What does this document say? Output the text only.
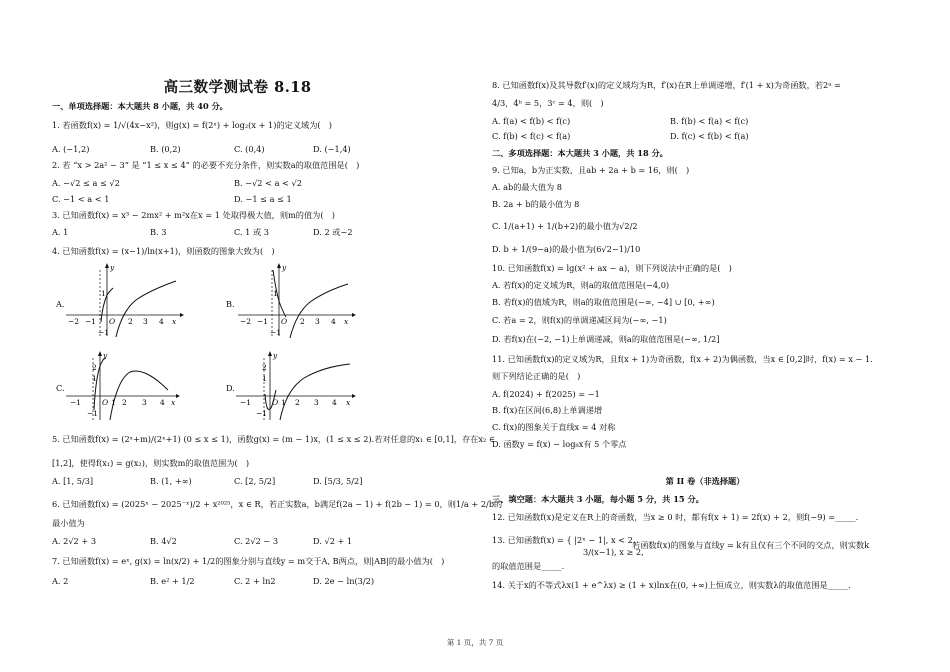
高三数学测试卷 8.18
一、单项选择题：本大题共 8 小题，共 40 分。
1. 若函数f(x) = 1/√(4x−x²)，则g(x) = f(2ˣ) + log₂(x + 1)的定义域为(　)
A. (−1,2)	B. (0,2)	C. (0,4)	D. (−1,4)
2. 若 “x > 2a² − 3” 是 “1 ≤ x ≤ 4” 的必要不充分条件，则实数a的取值范围是(　)
A. −√2 ≤ a ≤ √2	B. −√2 < a < √2
C. −1 < a < 1	D. −1 ≤ a ≤ 1
3. 已知函数f(x) = x³ − 2mx² + m²x在x = 1 处取得极大值，则m的值为(　)
A. 1	B. 3	C. 1 或 3	D. 2 或−2
4. 已知函数f(x) = (x−1)/ln(x+1)，则函数的图象大致为(　)
A.
−2 −1 O 2 3 4 x
1
y
−1
B.
−2 −1 O 2 3 4 x
1
y
−1
C.
−1	O 1 2 3 4 x
2
1
y
−1
D.
−1	O 1 2 3 4 x
2
1
y
−1
5. 已知函数f(x) = (2ˣ+m)/(2ˣ+1) (0 ≤ x ≤ 1)，函数g(x) = (m − 1)x，(1 ≤ x ≤ 2).若对任意的x₁ ∈ [0,1]，存在x₂ ∈
[1,2]，使得f(x₁) = g(x₂)，则实数m的取值范围为(　)
A. [1, 5/3]	B. (1, +∞)	C. [2, 5/2]	D. [5/3, 5/2]
6. 已知函数f(x) = (2025ˣ − 2025⁻ˣ)/2 + x²⁰²⁵，x ∈ R，若正实数a，b满足f(2a − 1) + f(2b − 1) = 0，则1/a + 2/b的
最小值为
A. 2√2 + 3	B. 4√2	C. 2√2 − 3	D. √2 + 1
7. 已知函数f(x) = eˣ, g(x) = ln(x/2) + 1/2的图象分别与直线y = m交于A, B两点，则|AB|的最小值为(　)
A. 2	B. e² + 1/2	C. 2 + ln2	D. 2e − ln(3/2)
8. 已知函数f(x)及其导数f′(x)的定义域均为R，f′(x)在R上单调递增，f′(1 + x)为奇函数，若2ᵃ =
4/3，4ᵇ = 5，3ᶜ = 4，则(　)
A. f(a) < f(b) < f(c)	B. f(b) < f(a) < f(c)
C. f(b) < f(c) < f(a)	D. f(c) < f(b) < f(a)
二、多项选择题：本大题共 3 小题，共 18 分。
9. 已知a，b为正实数，且ab + 2a + b = 16，则(　)
A. ab的最大值为 8
B. 2a + b的最小值为 8
C. 1/(a+1) + 1/(b+2)的最小值为√2/2
D. b + 1/(9−a)的最小值为(6√2−1)/10
10. 已知函数f(x) = lg(x² + ax − a)，则下列说法中正确的是(　)
A. 若f(x)的定义域为R，则a的取值范围是(−4,0)
B. 若f(x)的值域为R，则a的取值范围是(−∞, −4] ∪ [0, +∞)
C. 若a = 2，则f(x)的单调递减区间为(−∞, −1)
D. 若f(x)在(−2, −1)上单调递减，则a的取值范围是(−∞, 1/2]
11. 已知函数f(x)的定义域为R，且f(x + 1)为奇函数，f(x + 2)为偶函数，当x ∈ [0,2]时，f(x) = x − 1.
则下列结论正确的是(　)
A. f(2024) + f(2025) = −1
B. f(x)在区间(6,8)上单调递增
C. f(x)的图象关于直线x = 4 对称
D. 函数y = f(x) − log₈x有 5 个零点
第 II 卷（非选择题）
三、填空题：本大题共 3 小题，每小题 5 分，共 15 分。
12. 已知函数f(x)是定义在R上的奇函数，当x ≥ 0 时，都有f(x + 1) = 2f(x) + 2，则f(−9) =_____.
13. 已知函数f(x) = { |2ˣ − 1|, x < 2,
3/(x−1), x ≥ 2,
若函数f(x)的图象与直线y = k有且仅有三个不同的交点，则实数k
的取值范围是_____.
14. 关于x的不等式λx(1 + e^λx) ≥ (1 + x)lnx在(0, +∞)上恒成立，则实数λ的取值范围是_____.
第 1 页，共 7 页
